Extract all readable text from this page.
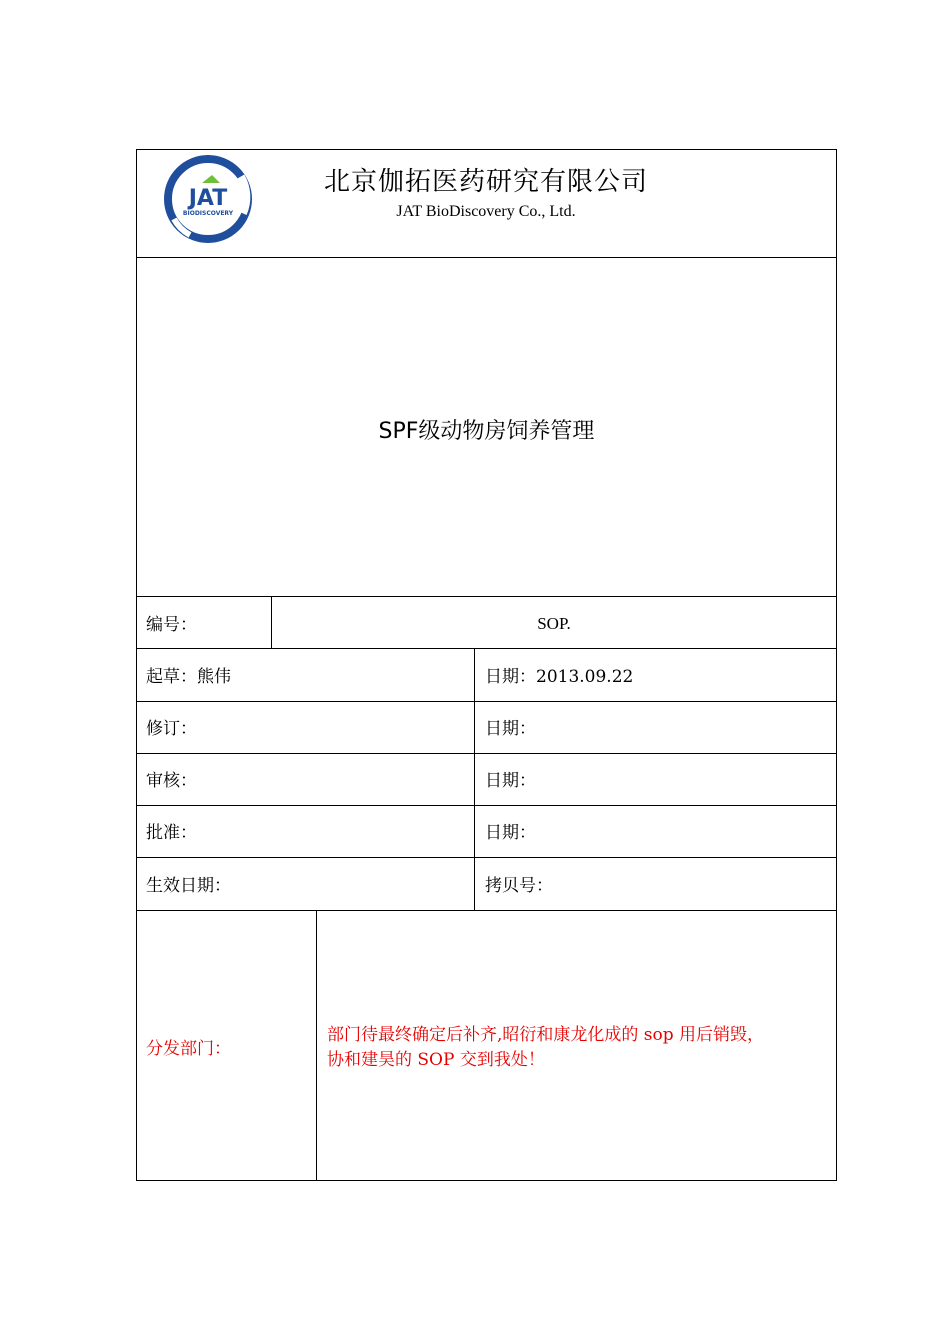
JAT
BIODISCOVERY
北京伽拓医药研究有限公司
JAT BioDiscovery Co., Ltd.
SPF级动物房饲养管理
编号：	SOP.
起草：熊伟	日期：2013.09.22
修订：	日期：
审核：	日期：
批准：	日期：
生效日期：	拷贝号：
分发部门：
部门待最终确定后补齐,昭衍和康龙化成的 sop 用后销毁，
协和建昊的 SOP 交到我处！
